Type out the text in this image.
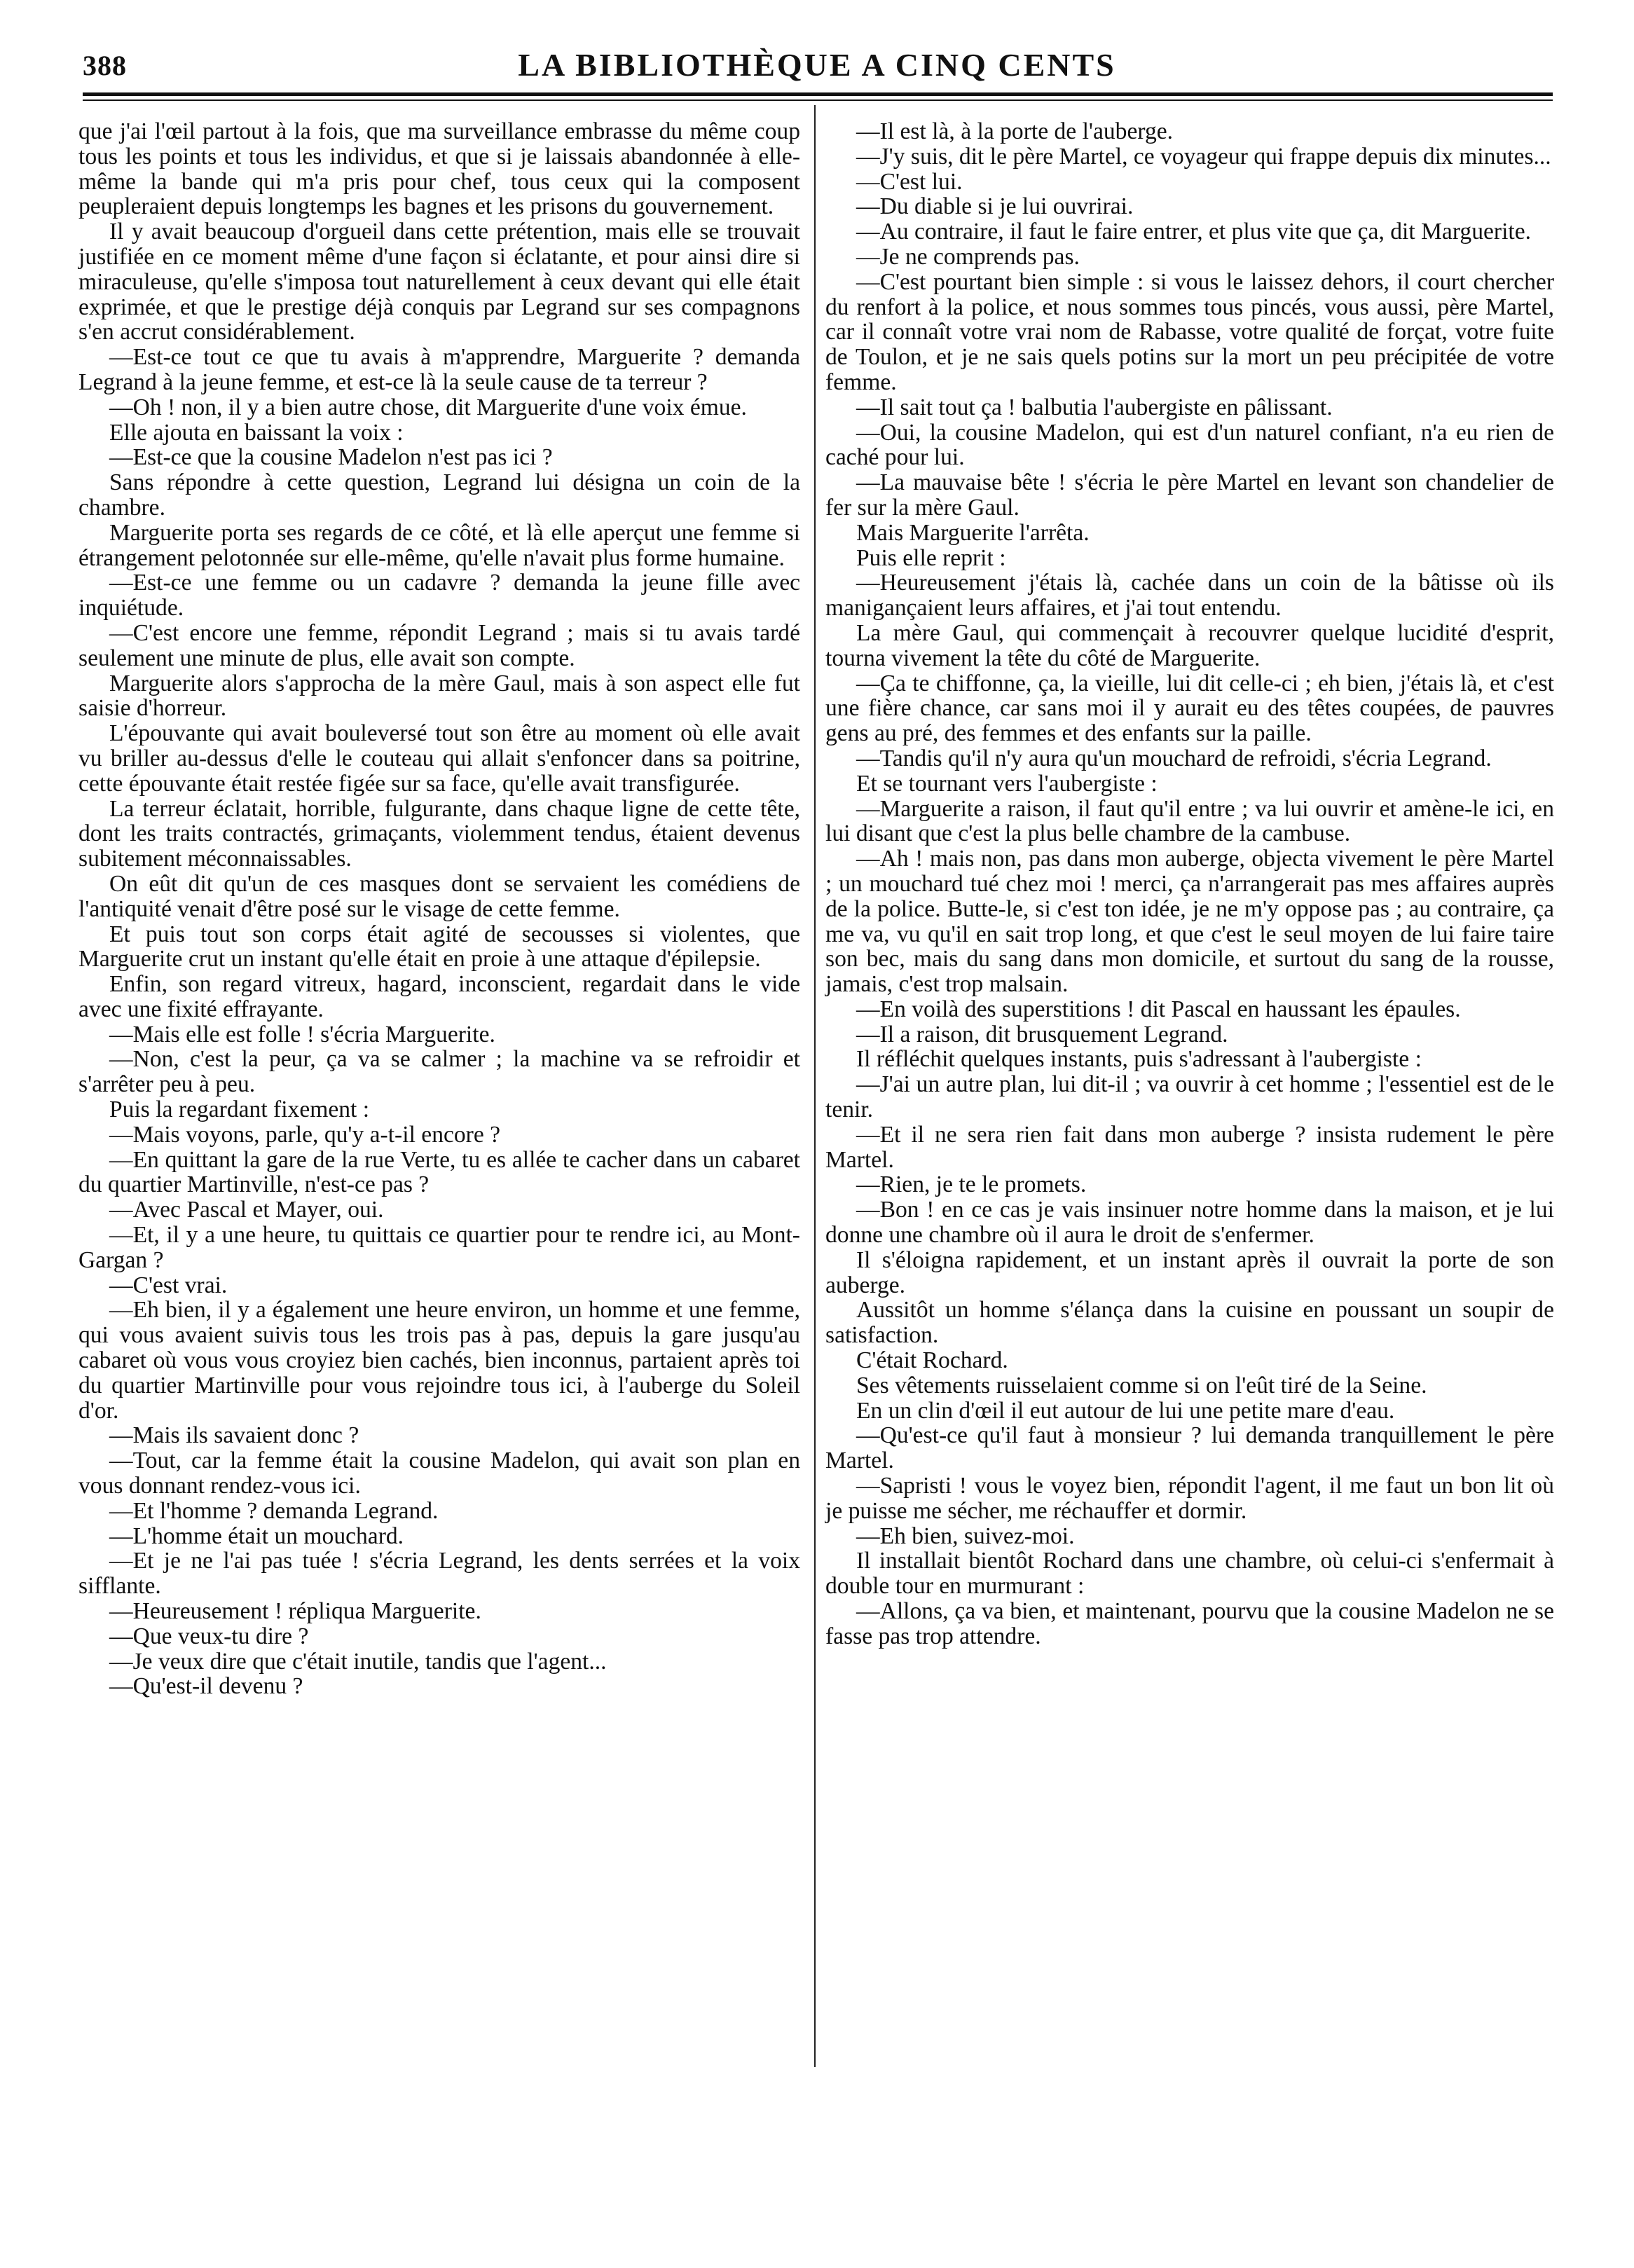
388	LA BIBLIOTHÈQUE A CINQ CENTS

que j'ai l'œil partout à la fois, que ma surveillance embrasse du même coup tous les points et tous les individus, et que si je laissais abandonnée à elle-même la bande qui m'a pris pour chef, tous ceux qui la composent peupleraient depuis longtemps les bagnes et les prisons du gouvernement.

Il y avait beaucoup d'orgueil dans cette prétention, mais elle se trouvait justifiée en ce moment même d'une façon si éclatante, et pour ainsi dire si miraculeuse, qu'elle s'imposa tout naturellement à ceux devant qui elle était exprimée, et que le prestige déjà conquis par Legrand sur ses compagnons s'en accrut considérablement.

—Est-ce tout ce que tu avais à m'apprendre, Marguerite ? demanda Legrand à la jeune femme, et est-ce là la seule cause de ta terreur ?

—Oh ! non, il y a bien autre chose, dit Marguerite d'une voix émue.

Elle ajouta en baissant la voix :

—Est-ce que la cousine Madelon n'est pas ici ?

Sans répondre à cette question, Legrand lui désigna un coin de la chambre.

Marguerite porta ses regards de ce côté, et là elle aperçut une femme si étrangement pelotonnée sur elle-même, qu'elle n'avait plus forme humaine.

—Est-ce une femme ou un cadavre ? demanda la jeune fille avec inquiétude.

—C'est encore une femme, répondit Legrand ; mais si tu avais tardé seulement une minute de plus, elle avait son compte.

Marguerite alors s'approcha de la mère Gaul, mais à son aspect elle fut saisie d'horreur.

L'épouvante qui avait bouleversé tout son être au moment où elle avait vu briller au-dessus d'elle le couteau qui allait s'enfoncer dans sa poitrine, cette épouvante était restée figée sur sa face, qu'elle avait transfigurée.

La terreur éclatait, horrible, fulgurante, dans chaque ligne de cette tête, dont les traits contractés, grimaçants, violemment tendus, étaient devenus subitement méconnaissables.

On eût dit qu'un de ces masques dont se servaient les comédiens de l'antiquité venait d'être posé sur le visage de cette femme.

Et puis tout son corps était agité de secousses si violentes, que Marguerite crut un instant qu'elle était en proie à une attaque d'épilepsie.

Enfin, son regard vitreux, hagard, inconscient, regardait dans le vide avec une fixité effrayante.

—Mais elle est folle ! s'écria Marguerite.

—Non, c'est la peur, ça va se calmer ; la machine va se refroidir et s'arrêter peu à peu.

Puis la regardant fixement :

—Mais voyons, parle, qu'y a-t-il encore ?

—En quittant la gare de la rue Verte, tu es allée te cacher dans un cabaret du quartier Martinville, n'est-ce pas ?

—Avec Pascal et Mayer, oui.

—Et, il y a une heure, tu quittais ce quartier pour te rendre ici, au Mont-Gargan ?

—C'est vrai.

—Eh bien, il y a également une heure environ, un homme et une femme, qui vous avaient suivis tous les trois pas à pas, depuis la gare jusqu'au cabaret où vous vous croyiez bien cachés, bien inconnus, partaient après toi du quartier Martinville pour vous rejoindre tous ici, à l'auberge du Soleil d'or.

—Mais ils savaient donc ?

—Tout, car la femme était la cousine Madelon, qui avait son plan en vous donnant rendez-vous ici.

—Et l'homme ? demanda Legrand.

—L'homme était un mouchard.

—Et je ne l'ai pas tuée ! s'écria Legrand, les dents serrées et la voix sifflante.

—Heureusement ! répliqua Marguerite.

—Que veux-tu dire ?

—Je veux dire que c'était inutile, tandis que l'agent...

—Qu'est-il devenu ?

—Il est là, à la porte de l'auberge.

—J'y suis, dit le père Martel, ce voyageur qui frappe depuis dix minutes...

—C'est lui.

—Du diable si je lui ouvrirai.

—Au contraire, il faut le faire entrer, et plus vite que ça, dit Marguerite.

—Je ne comprends pas.

—C'est pourtant bien simple : si vous le laissez dehors, il court chercher du renfort à la police, et nous sommes tous pincés, vous aussi, père Martel, car il connaît votre vrai nom de Rabasse, votre qualité de forçat, votre fuite de Toulon, et je ne sais quels potins sur la mort un peu précipitée de votre femme.

—Il sait tout ça ! balbutia l'aubergiste en pâlissant.

—Oui, la cousine Madelon, qui est d'un naturel confiant, n'a eu rien de caché pour lui.

—La mauvaise bête ! s'écria le père Martel en levant son chandelier de fer sur la mère Gaul.

Mais Marguerite l'arrêta.

Puis elle reprit :

—Heureusement j'étais là, cachée dans un coin de la bâtisse où ils manigançaient leurs affaires, et j'ai tout entendu.

La mère Gaul, qui commençait à recouvrer quelque lucidité d'esprit, tourna vivement la tête du côté de Marguerite.

—Ça te chiffonne, ça, la vieille, lui dit celle-ci ; eh bien, j'étais là, et c'est une fière chance, car sans moi il y aurait eu des têtes coupées, de pauvres gens au pré, des femmes et des enfants sur la paille.

—Tandis qu'il n'y aura qu'un mouchard de refroidi, s'écria Legrand.

Et se tournant vers l'aubergiste :

—Marguerite a raison, il faut qu'il entre ; va lui ouvrir et amène-le ici, en lui disant que c'est la plus belle chambre de la cambuse.

—Ah ! mais non, pas dans mon auberge, objecta vivement le père Martel ; un mouchard tué chez moi ! merci, ça n'arrangerait pas mes affaires auprès de la police. Butte-le, si c'est ton idée, je ne m'y oppose pas ; au contraire, ça me va, vu qu'il en sait trop long, et que c'est le seul moyen de lui faire taire son bec, mais du sang dans mon domicile, et surtout du sang de la rousse, jamais, c'est trop malsain.

—En voilà des superstitions ! dit Pascal en haussant les épaules.

—Il a raison, dit brusquement Legrand.

Il réfléchit quelques instants, puis s'adressant à l'aubergiste :

—J'ai un autre plan, lui dit-il ; va ouvrir à cet homme ; l'essentiel est de le tenir.

—Et il ne sera rien fait dans mon auberge ? insista rudement le père Martel.

—Rien, je te le promets.

—Bon ! en ce cas je vais insinuer notre homme dans la maison, et je lui donne une chambre où il aura le droit de s'enfermer.

Il s'éloigna rapidement, et un instant après il ouvrait la porte de son auberge.

Aussitôt un homme s'élança dans la cuisine en poussant un soupir de satisfaction.

C'était Rochard.

Ses vêtements ruisselaient comme si on l'eût tiré de la Seine.

En un clin d'œil il eut autour de lui une petite mare d'eau.

—Qu'est-ce qu'il faut à monsieur ? lui demanda tranquillement le père Martel.

—Sapristi ! vous le voyez bien, répondit l'agent, il me faut un bon lit où je puisse me sécher, me réchauffer et dormir.

—Eh bien, suivez-moi.

Il installait bientôt Rochard dans une chambre, où celui-ci s'enfermait à double tour en murmurant :

—Allons, ça va bien, et maintenant, pourvu que la cousine Madelon ne se fasse pas trop attendre.
